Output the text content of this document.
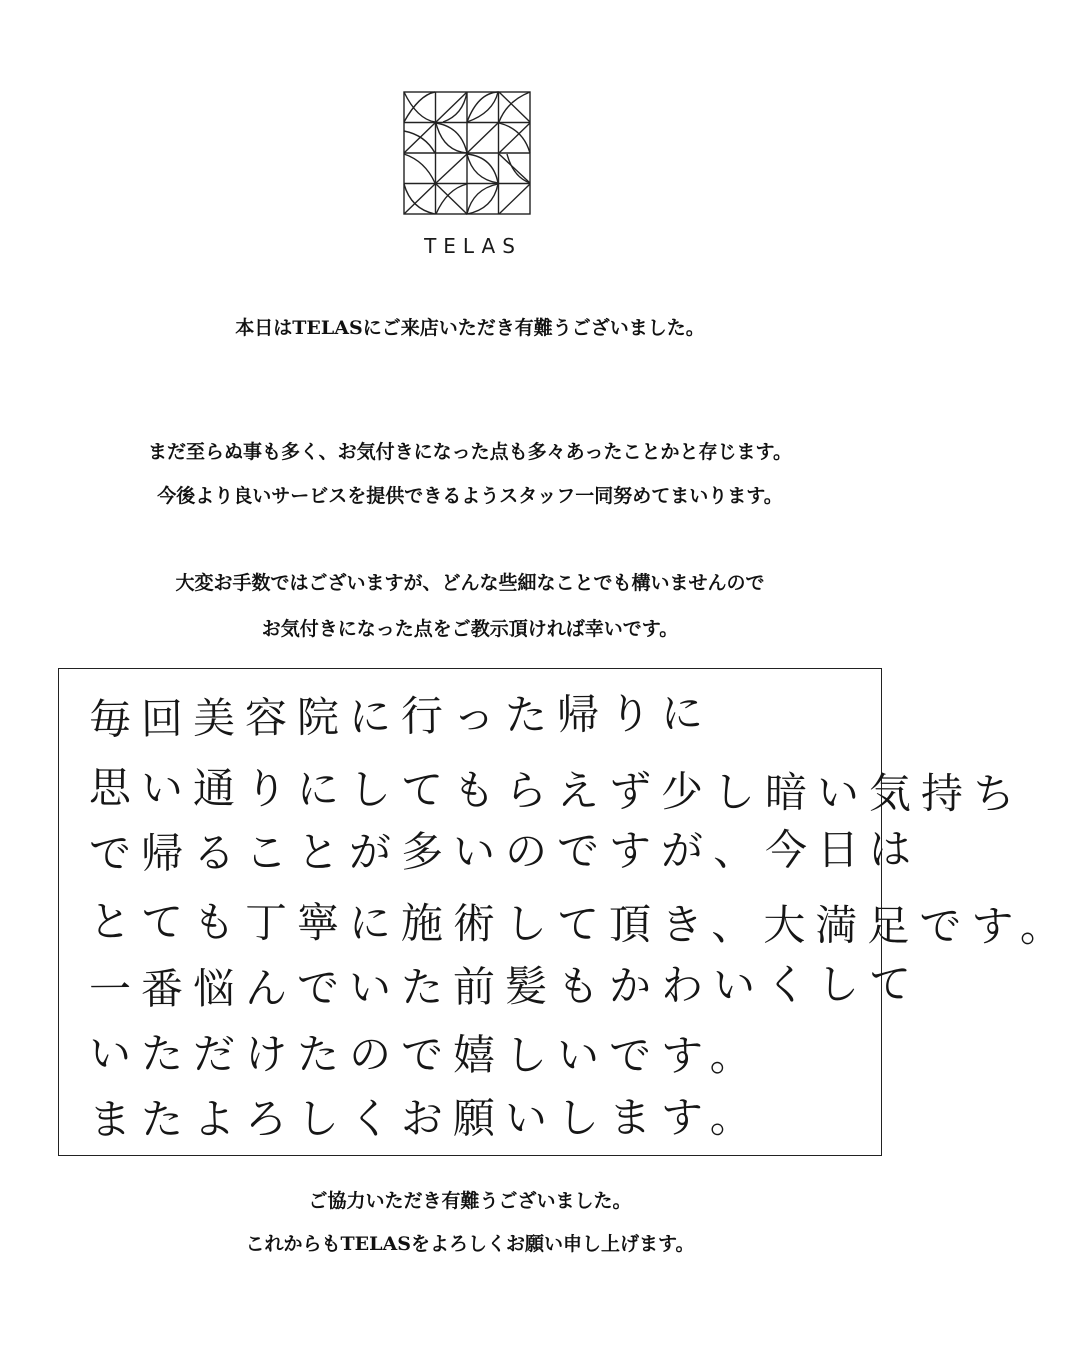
TELAS
本日はTELASにご来店いただき有難うございました。
まだ至らぬ事も多く、お気付きになった点も多々あったことかと存じます。
今後より良いサービスを提供できるようスタッフ一同努めてまいります。
大変お手数ではございますが、どんな些細なことでも構いませんので
お気付きになった点をご教示頂ければ幸いです。
毎回美容院に行った帰りに
思い通りにしてもらえず少し暗い気持ち
で帰ることが多いのですが、今日は
とても丁寧に施術して頂き、大満足です。
一番悩んでいた前髪もかわいくして
いただけたので嬉しいです。
またよろしくお願いします。
ご協力いただき有難うございました。
これからもTELASをよろしくお願い申し上げます。
